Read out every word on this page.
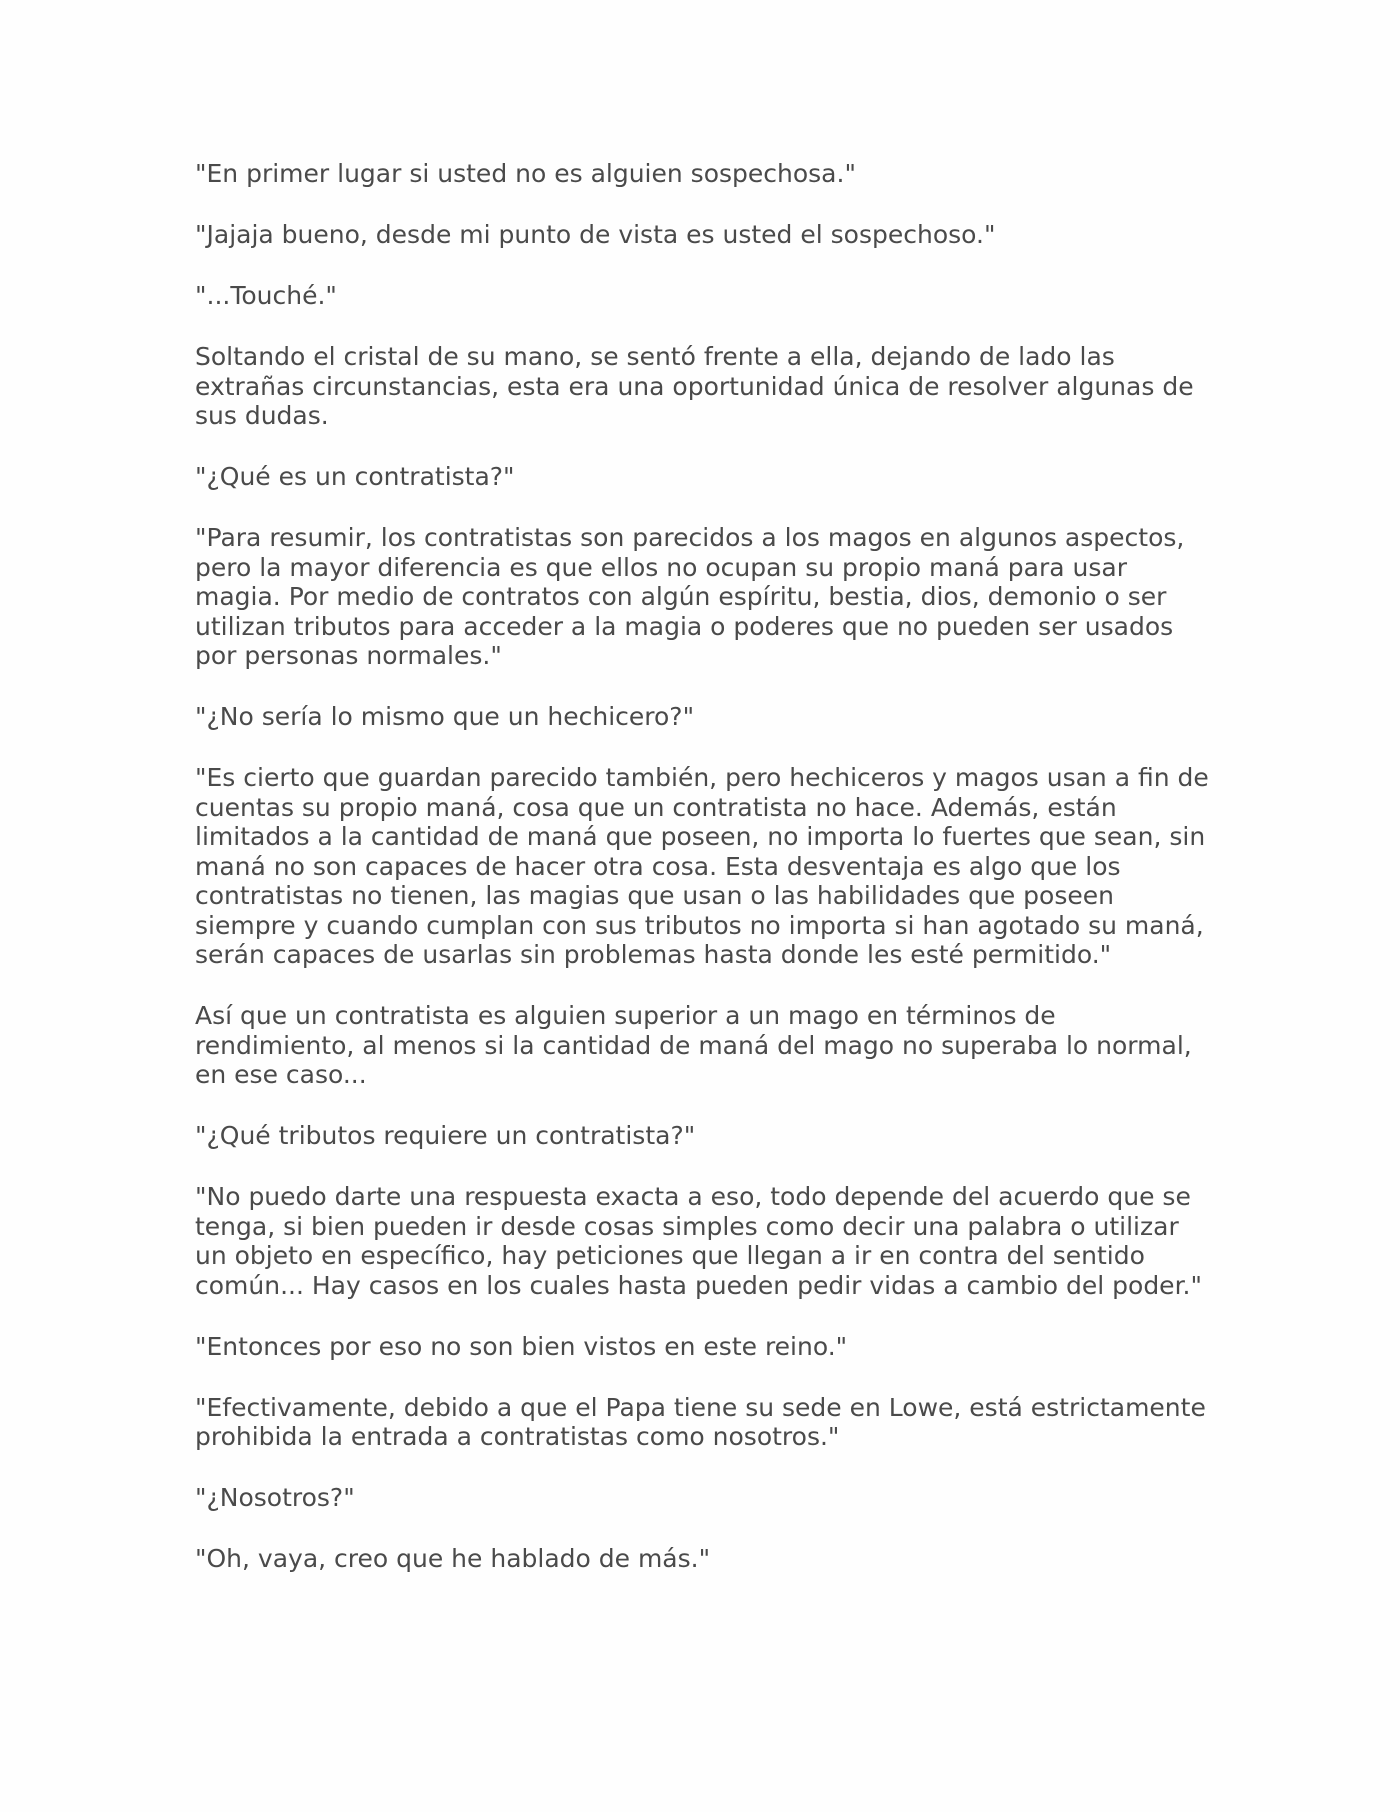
"En primer lugar si usted no es alguien sospechosa."

"Jajaja bueno, desde mi punto de vista es usted el sospechoso."

"...Touché."

Soltando el cristal de su mano, se sentó frente a ella, dejando de lado las extrañas circunstancias, esta era una oportunidad única de resolver algunas de sus dudas.

"¿Qué es un contratista?"

"Para resumir, los contratistas son parecidos a los magos en algunos aspectos, pero la mayor diferencia es que ellos no ocupan su propio maná para usar magia. Por medio de contratos con algún espíritu, bestia, dios, demonio o ser utilizan tributos para acceder a la magia o poderes que no pueden ser usados por personas normales."

"¿No sería lo mismo que un hechicero?"

"Es cierto que guardan parecido también, pero hechiceros y magos usan a fin de cuentas su propio maná, cosa que un contratista no hace. Además, están limitados a la cantidad de maná que poseen, no importa lo fuertes que sean, sin maná no son capaces de hacer otra cosa. Esta desventaja es algo que los contratistas no tienen, las magias que usan o las habilidades que poseen siempre y cuando cumplan con sus tributos no importa si han agotado su maná, serán capaces de usarlas sin problemas hasta donde les esté permitido."

Así que un contratista es alguien superior a un mago en términos de rendimiento, al menos si la cantidad de maná del mago no superaba lo normal, en ese caso...

"¿Qué tributos requiere un contratista?"

"No puedo darte una respuesta exacta a eso, todo depende del acuerdo que se tenga, si bien pueden ir desde cosas simples como decir una palabra o utilizar un objeto en específico, hay peticiones que llegan a ir en contra del sentido común... Hay casos en los cuales hasta pueden pedir vidas a cambio del poder."

"Entonces por eso no son bien vistos en este reino."

"Efectivamente, debido a que el Papa tiene su sede en Lowe, está estrictamente prohibida la entrada a contratistas como nosotros."

"¿Nosotros?"

"Oh, vaya, creo que he hablado de más."
